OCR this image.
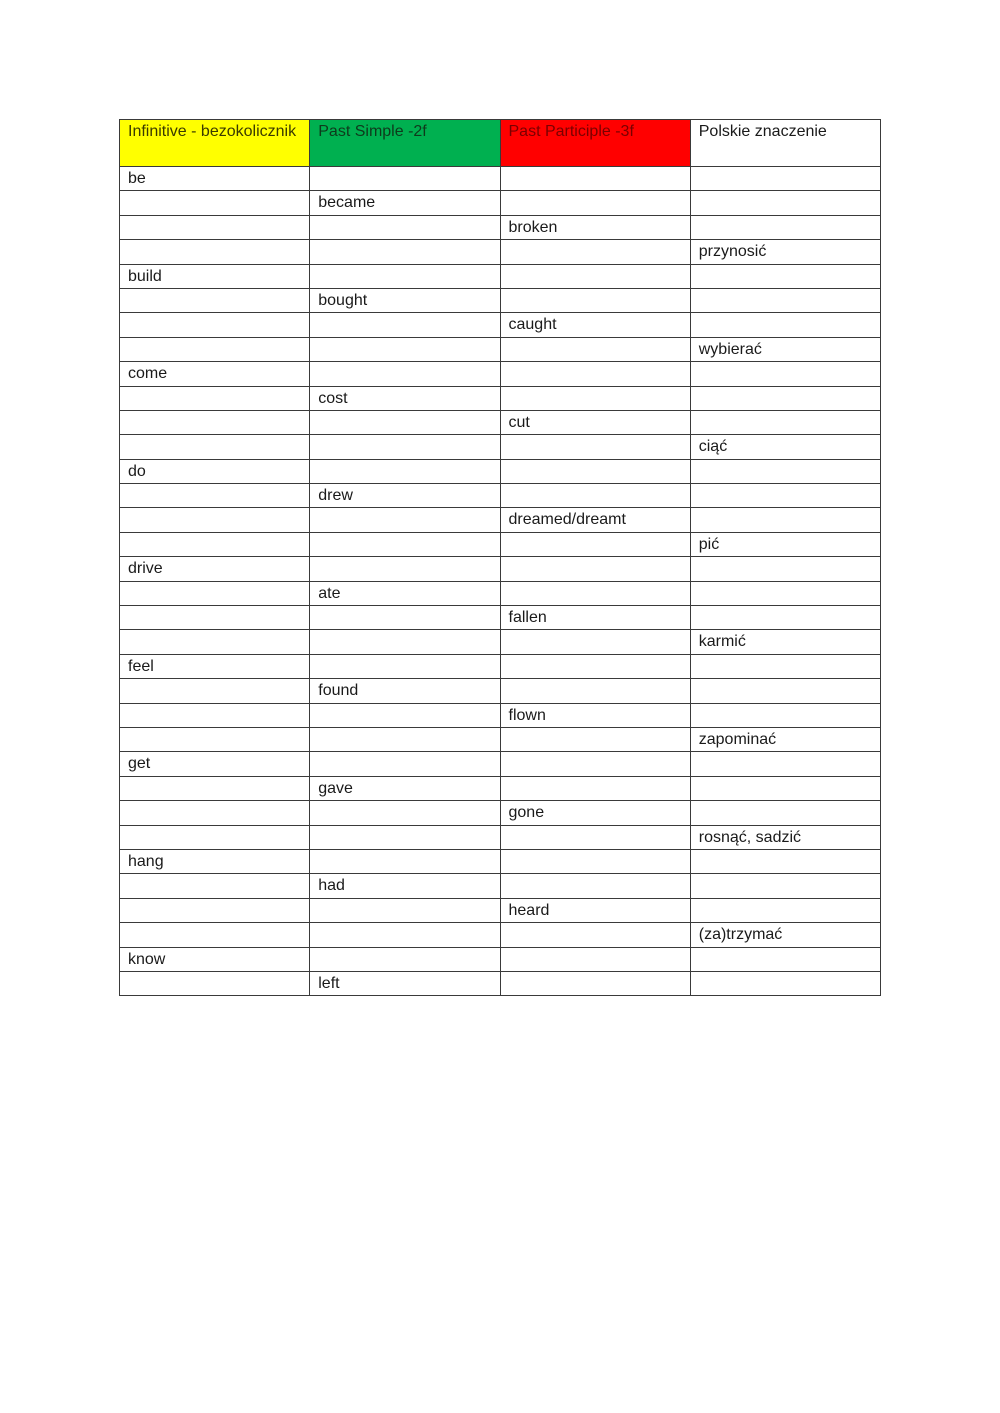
Infinitive - bezokolicznik	Past Simple -2f	Past Participle -3f	Polskie znaczenie
be			
	became		
		broken	
			przynosić
build			
	bought		
		caught	
			wybierać
come			
	cost		
		cut	
			ciąć
do			
	drew		
		dreamed/dreamt	
			pić
drive			
	ate		
		fallen	
			karmić
feel			
	found		
		flown	
			zapominać
get			
	gave		
		gone	
			rosnąć, sadzić
hang			
	had		
		heard	
			(za)trzymać
know			
	left		
